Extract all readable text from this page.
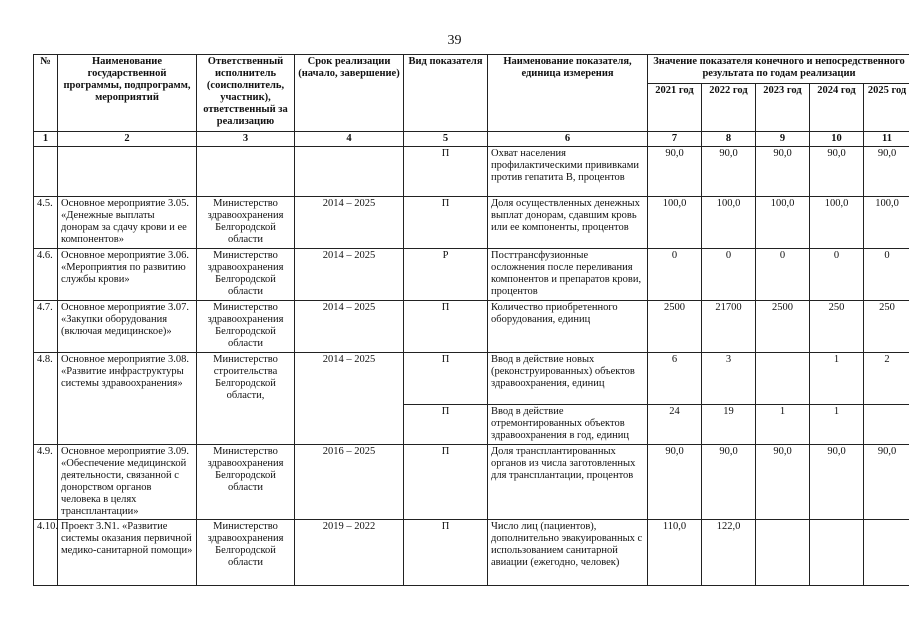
39
№	Наименование государственной программы, подпрограмм, мероприятий	Ответственный исполнитель (соисполнитель, участник), ответственный за реализацию	Срок реализации (начало, завершение)	Вид показателя	Наименование показателя, единица измерения	Значение показателя конечного и непосредственного результата по годам реализации				
						2021 год	2022 год	2023 год	2024 год	2025 год
1	2	3	4	5	6	7	8	9	10	11
				П	Охват населения профилактическими прививками против гепатита В, процентов	90,0	90,0	90,0	90,0	90,0
4.5.	Основное мероприятие 3.05. «Денежные выплаты донорам за сдачу крови и ее компонентов»	Министерство здравоохранения Белгородской области	2014 – 2025	П	Доля осуществленных денежных выплат донорам, сдавшим кровь или ее компоненты, процентов	100,0	100,0	100,0	100,0	100,0
4.6.	Основное мероприятие 3.06. «Мероприятия по развитию службы крови»	Министерство здравоохранения Белгородской области	2014 – 2025	Р	Посттрансфузионные осложнения после переливания компонентов и препаратов крови, процентов	0	0	0	0	0
4.7.	Основное мероприятие 3.07. «Закупки оборудования (включая медицинское)»	Министерство здравоохранения Белгородской области	2014 – 2025	П	Количество приобретенного оборудования, единиц	2500	21700	2500	250	250
4.8.	Основное мероприятие 3.08. «Развитие инфраструктуры системы здравоохранения»	Министерство строительства Белгородской области,	2014 – 2025	П	Ввод в действие новых (реконструированных) объектов здравоохранения, единиц	6	3		1	2
				П	Ввод в действие отремонтированных объектов здравоохранения в год, единиц	24	19	1	1	
4.9.	Основное мероприятие 3.09. «Обеспечение медицинской деятельности, связанной с донорством органов человека в целях трансплантации»	Министерство здравоохранения Белгородской области	2016 – 2025	П	Доля трансплантированных органов из числа заготовленных для трансплантации, процентов	90,0	90,0	90,0	90,0	90,0
4.10.	Проект 3.N1. «Развитие системы оказания первичной медико-санитарной помощи»	Министерство здравоохранения Белгородской области	2019 – 2022	П	Число лиц (пациентов), дополнительно эвакуированных с использованием санитарной авиации (ежегодно, человек)	110,0	122,0			
